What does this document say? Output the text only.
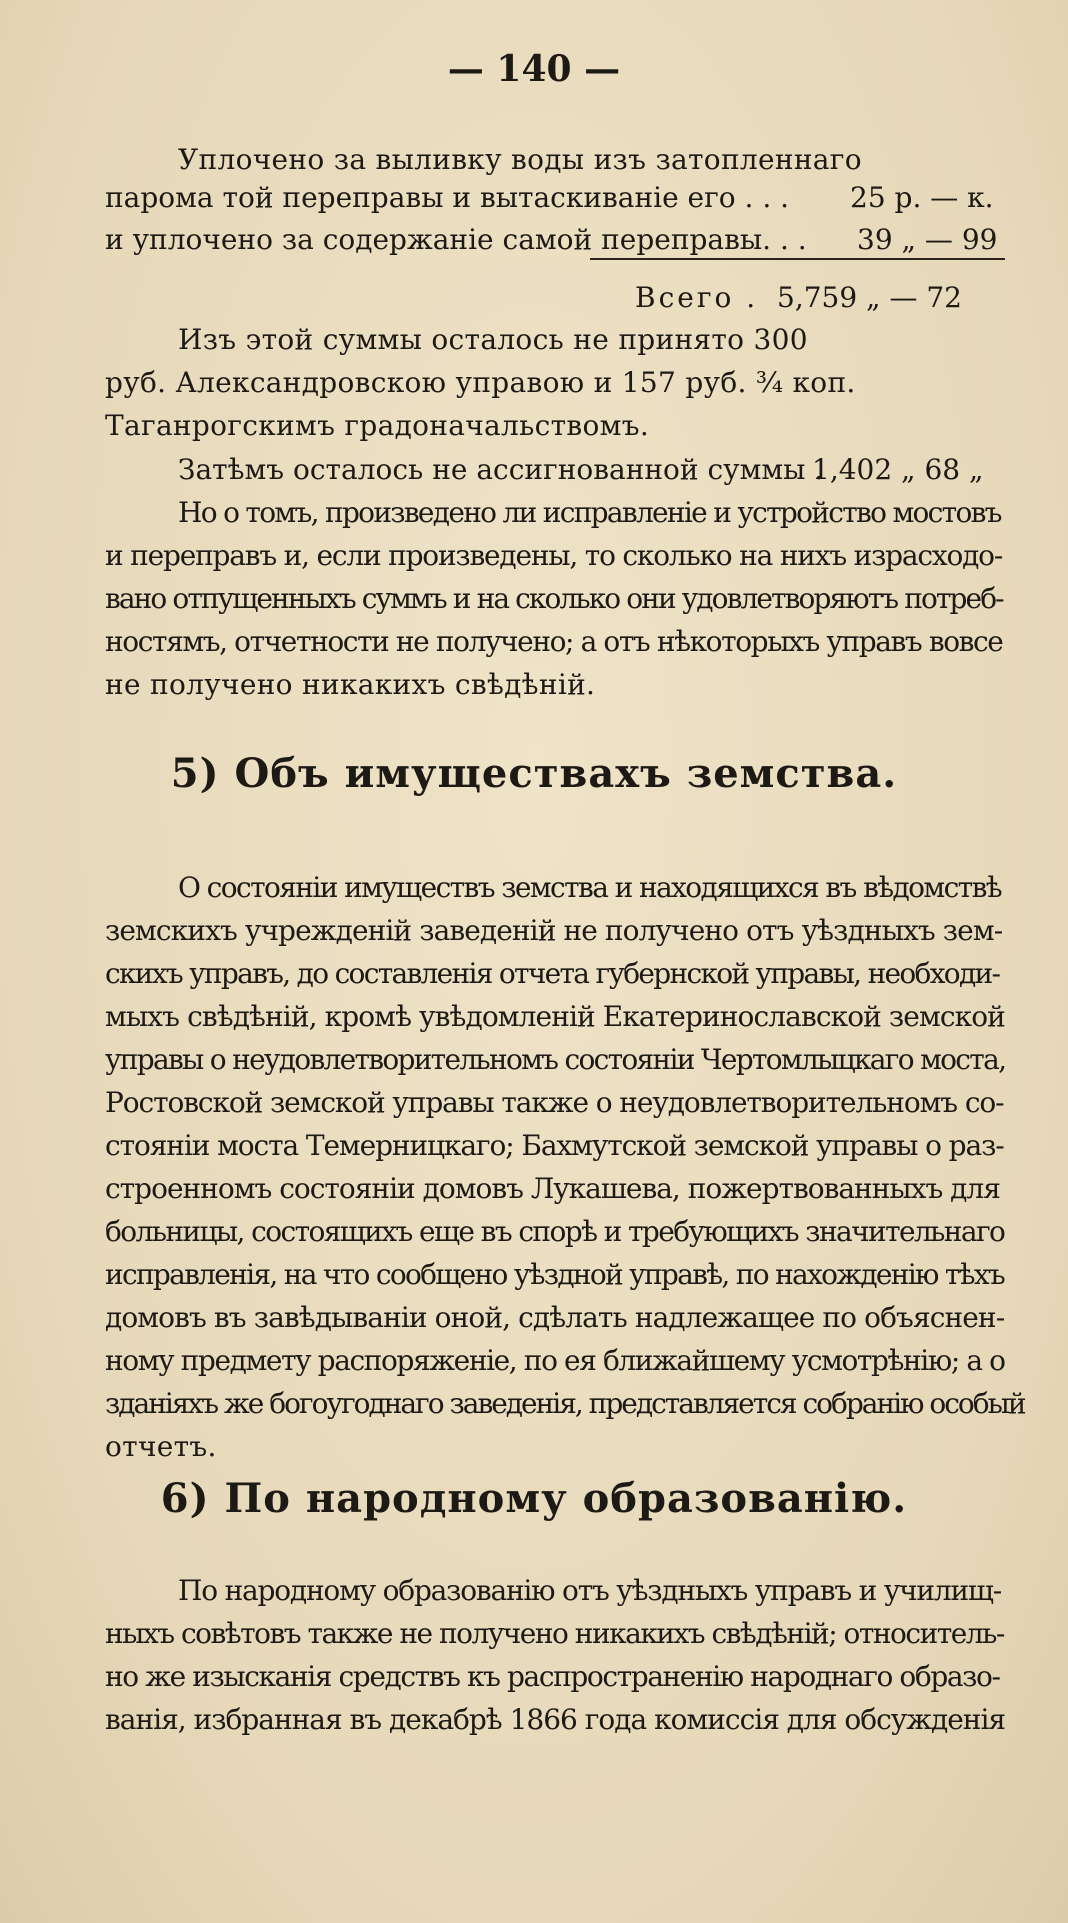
— 140 —
Уплочено за выливку воды изъ затопленнаго
парома той переправы и вытаскиваніе его . . . 25 р. — к.
и уплочено за содержаніе самой переправы. . . 39 „ — 99
Всего . 5,759 „ — 72
Изъ этой суммы осталось не принято 300
руб. Александровскою управою и 157 руб. ¾ коп.
Таганрогскимъ градоначальствомъ.
Затѣмъ осталось не ассигнованной суммы .
1,402 „ 68 „
Но о томъ, произведено ли исправленіе и устройство мостовъ
и переправъ и, если произведены, то сколько на нихъ израсходо-
вано отпущенныхъ суммъ и на сколько они удовлетворяютъ потреб-
ностямъ, отчетности не получено; а отъ нѣкоторыхъ управъ вовсе
не получено никакихъ свѣдѣній.
5) Объ имуществахъ земства.
О состояніи имуществъ земства и находящихся въ вѣдомствѣ
земскихъ учрежденій заведеній не получено отъ уѣздныхъ зем-
скихъ управъ, до составленія отчета губернской управы, необходи-
мыхъ свѣдѣній, кромѣ увѣдомленій Екатеринославской земской
управы о неудовлетворительномъ состояніи Чертомлыцкаго моста,
Ростовской земской управы также о неудовлетворительномъ со-
стояніи моста Темерницкаго; Бахмутской земской управы о раз-
строенномъ состояніи домовъ Лукашева, пожертвованныхъ для
больницы, состоящихъ еще въ спорѣ и требующихъ значительнаго
исправленія, на что сообщено уѣздной управѣ, по нахожденію тѣхъ
домовъ въ завѣдываніи оной, сдѣлать надлежащее по объяснен-
ному предмету распоряженіе, по ея ближайшему усмотрѣнію; а о
зданіяхъ же богоугоднаго заведенія, представляется собранію особый
отчетъ.
6) По народному образованію.
По народному образованію отъ уѣздныхъ управъ и училищ-
ныхъ совѣтовъ также не получено никакихъ свѣдѣній; относитель-
но же изысканія средствъ къ распространенію народнаго образо-
ванія, избранная въ декабрѣ 1866 года комиссія для обсужденія
